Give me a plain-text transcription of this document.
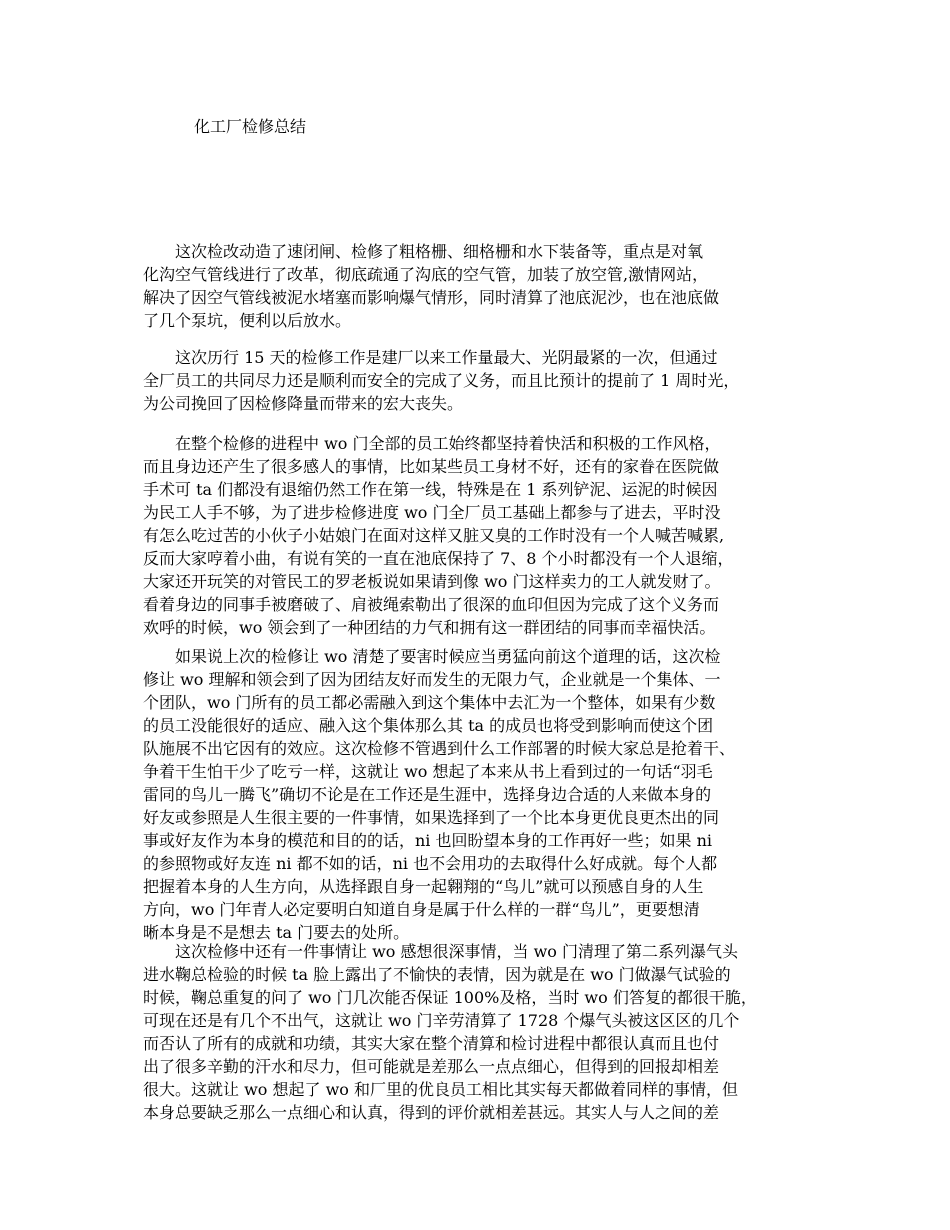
化工厂检修总结

　　这次检改动造了速闭闸、检修了粗格栅、细格栅和水下装备等，重点是对氧
化沟空气管线进行了改革，彻底疏通了沟底的空气管，加装了放空管,激情网站，
解决了因空气管线被泥水堵塞而影响爆气情形，同时清算了池底泥沙，也在池底做
了几个泵坑，便利以后放水。

　　这次历行 15 天的检修工作是建厂以来工作量最大、光阴最紧的一次，但通过
全厂员工的共同尽力还是顺利而安全的完成了义务，而且比预计的提前了 1 周时光，
为公司挽回了因检修降量而带来的宏大丧失。

　　在整个检修的进程中 wo 门全部的员工始终都坚持着快活和积极的工作风格，
而且身边还产生了很多感人的事情，比如某些员工身材不好，还有的家眷在医院做
手术可 ta 们都没有退缩仍然工作在第一线，特殊是在 1 系列铲泥、运泥的时候因
为民工人手不够，为了进步检修进度 wo 门全厂员工基础上都参与了进去，平时没
有怎么吃过苦的小伙子小姑娘门在面对这样又脏又臭的工作时没有一个人喊苦喊累,
反而大家哼着小曲，有说有笑的一直在池底保持了 7、8 个小时都没有一个人退缩，
大家还开玩笑的对管民工的罗老板说如果请到像 wo 门这样卖力的工人就发财了。
看着身边的同事手被磨破了、肩被绳索勒出了很深的血印但因为完成了这个义务而
欢呼的时候，wo 领会到了一种团结的力气和拥有这一群团结的同事而幸福快活。

　　如果说上次的检修让 wo 清楚了要害时候应当勇猛向前这个道理的话，这次检
修让 wo 理解和领会到了因为团结友好而发生的无限力气，企业就是一个集体、一
个团队，wo 门所有的员工都必需融入到这个集体中去汇为一个整体，如果有少数
的员工没能很好的适应、融入这个集体那么其 ta 的成员也将受到影响而使这个团
队施展不出它因有的效应。这次检修不管遇到什么工作部署的时候大家总是抢着干、
争着干生怕干少了吃亏一样，这就让 wo 想起了本来从书上看到过的一句话“羽毛
雷同的鸟儿一腾飞”确切不论是在工作还是生涯中，选择身边合适的人来做本身的
好友或参照是人生很主要的一件事情，如果选择到了一个比本身更优良更杰出的同
事或好友作为本身的模范和目的的话，ni 也回盼望本身的工作再好一些；如果 ni
的参照物或好友连 ni 都不如的话，ni 也不会用功的去取得什么好成就。每个人都
把握着本身的人生方向，从选择跟自身一起翱翔的“鸟儿”就可以预感自身的人生
方向，wo 门年青人必定要明白知道自身是属于什么样的一群“鸟儿”，更要想清
晰本身是不是想去 ta 门要去的处所。

　　这次检修中还有一件事情让 wo 感想很深事情，当 wo 门清理了第二系列瀑气头
进水鞠总检验的时候 ta 脸上露出了不愉快的表情，因为就是在 wo 门做瀑气试验的
时候，鞠总重复的问了 wo 门几次能否保证 100%及格，当时 wo 们答复的都很干脆，
可现在还是有几个不出气，这就让 wo 门辛劳清算了 1728 个爆气头被这区区的几个
而否认了所有的成就和功绩，其实大家在整个清算和检讨进程中都很认真而且也付
出了很多辛勤的汗水和尽力，但可能就是差那么一点点细心，但得到的回报却相差
很大。这就让 wo 想起了 wo 和厂里的优良员工相比其实每天都做着同样的事情，但
本身总要缺乏那么一点细心和认真，得到的评价就相差甚远。其实人与人之间的差
